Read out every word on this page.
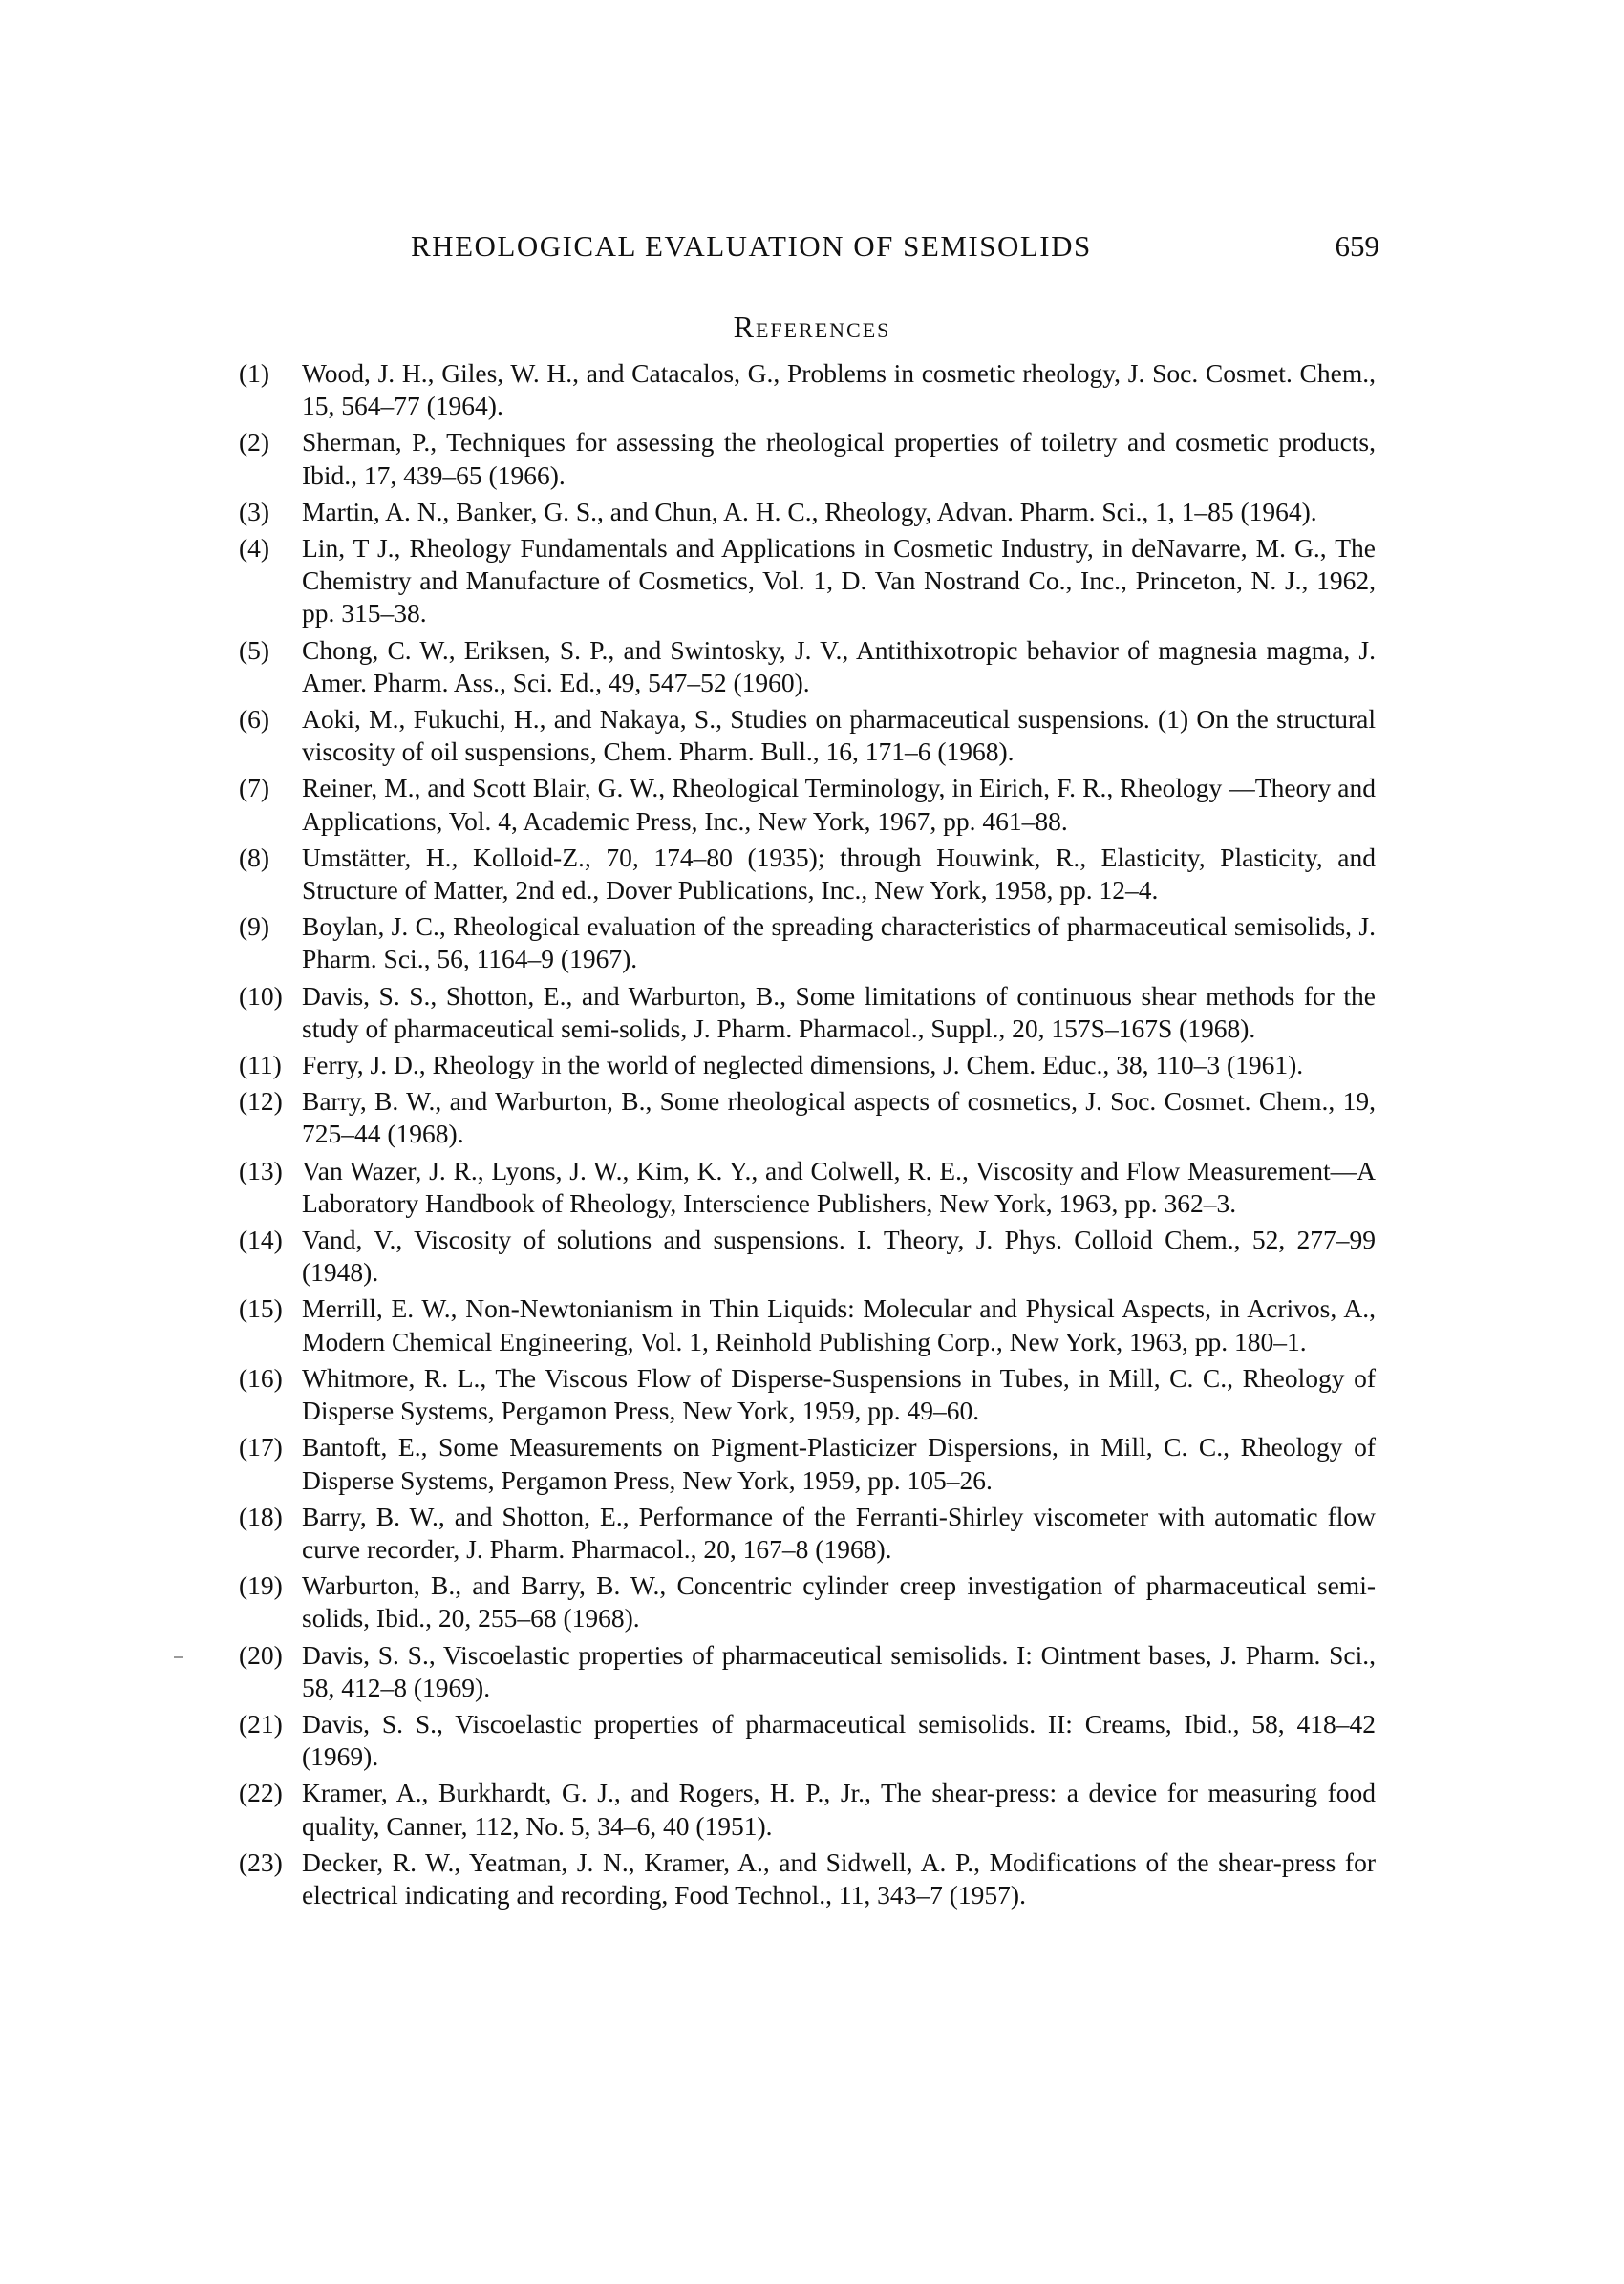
RHEOLOGICAL EVALUATION OF SEMISOLIDS	659
References
(1)	Wood, J. H., Giles, W. H., and Catacalos, G., Problems in cosmetic rheology, J. Soc. Cosmet. Chem., 15, 564–77 (1964).
(2)	Sherman, P., Techniques for assessing the rheological properties of toiletry and cosmetic products, Ibid., 17, 439–65 (1966).
(3)	Martin, A. N., Banker, G. S., and Chun, A. H. C., Rheology, Advan. Pharm. Sci., 1, 1–85 (1964).
(4)	Lin, T J., Rheology Fundamentals and Applications in Cosmetic Industry, in deNavarre, M. G., The Chemistry and Manufacture of Cosmetics, Vol. 1, D. Van Nostrand Co., Inc., Princeton, N. J., 1962, pp. 315–38.
(5)	Chong, C. W., Eriksen, S. P., and Swintosky, J. V., Antithixotropic behavior of magnesia magma, J. Amer. Pharm. Ass., Sci. Ed., 49, 547–52 (1960).
(6)	Aoki, M., Fukuchi, H., and Nakaya, S., Studies on pharmaceutical suspensions. (1) On the structural viscosity of oil suspensions, Chem. Pharm. Bull., 16, 171–6 (1968).
(7)	Reiner, M., and Scott Blair, G. W., Rheological Terminology, in Eirich, F. R., Rheology —Theory and Applications, Vol. 4, Academic Press, Inc., New York, 1967, pp. 461–88.
(8)	Umstätter, H., Kolloid-Z., 70, 174–80 (1935); through Houwink, R., Elasticity, Plasticity, and Structure of Matter, 2nd ed., Dover Publications, Inc., New York, 1958, pp. 12–4.
(9)	Boylan, J. C., Rheological evaluation of the spreading characteristics of pharmaceutical semisolids, J. Pharm. Sci., 56, 1164–9 (1967).
(10) Davis, S. S., Shotton, E., and Warburton, B., Some limitations of continuous shear methods for the study of pharmaceutical semi-solids, J. Pharm. Pharmacol., Suppl., 20, 157S–167S (1968).
(11) Ferry, J. D., Rheology in the world of neglected dimensions, J. Chem. Educ., 38, 110–3 (1961).
(12) Barry, B. W., and Warburton, B., Some rheological aspects of cosmetics, J. Soc. Cosmet. Chem., 19, 725–44 (1968).
(13) Van Wazer, J. R., Lyons, J. W., Kim, K. Y., and Colwell, R. E., Viscosity and Flow Measurement—A Laboratory Handbook of Rheology, Interscience Publishers, New York, 1963, pp. 362–3.
(14) Vand, V., Viscosity of solutions and suspensions. I. Theory, J. Phys. Colloid Chem., 52, 277–99 (1948).
(15) Merrill, E. W., Non-Newtonianism in Thin Liquids: Molecular and Physical Aspects, in Acrivos, A., Modern Chemical Engineering, Vol. 1, Reinhold Publishing Corp., New York, 1963, pp. 180–1.
(16) Whitmore, R. L., The Viscous Flow of Disperse-Suspensions in Tubes, in Mill, C. C., Rheology of Disperse Systems, Pergamon Press, New York, 1959, pp. 49–60.
(17) Bantoft, E., Some Measurements on Pigment-Plasticizer Dispersions, in Mill, C. C., Rheology of Disperse Systems, Pergamon Press, New York, 1959, pp. 105–26.
(18) Barry, B. W., and Shotton, E., Performance of the Ferranti-Shirley viscometer with automatic flow curve recorder, J. Pharm. Pharmacol., 20, 167–8 (1968).
(19) Warburton, B., and Barry, B. W., Concentric cylinder creep investigation of pharmaceutical semi-solids, Ibid., 20, 255–68 (1968).
(20) Davis, S. S., Viscoelastic properties of pharmaceutical semisolids. I: Ointment bases, J. Pharm. Sci., 58, 412–8 (1969).
(21) Davis, S. S., Viscoelastic properties of pharmaceutical semisolids. II: Creams, Ibid., 58, 418–42 (1969).
(22) Kramer, A., Burkhardt, G. J., and Rogers, H. P., Jr., The shear-press: a device for measuring food quality, Canner, 112, No. 5, 34–6, 40 (1951).
(23) Decker, R. W., Yeatman, J. N., Kramer, A., and Sidwell, A. P., Modifications of the shear-press for electrical indicating and recording, Food Technol., 11, 343–7 (1957).
